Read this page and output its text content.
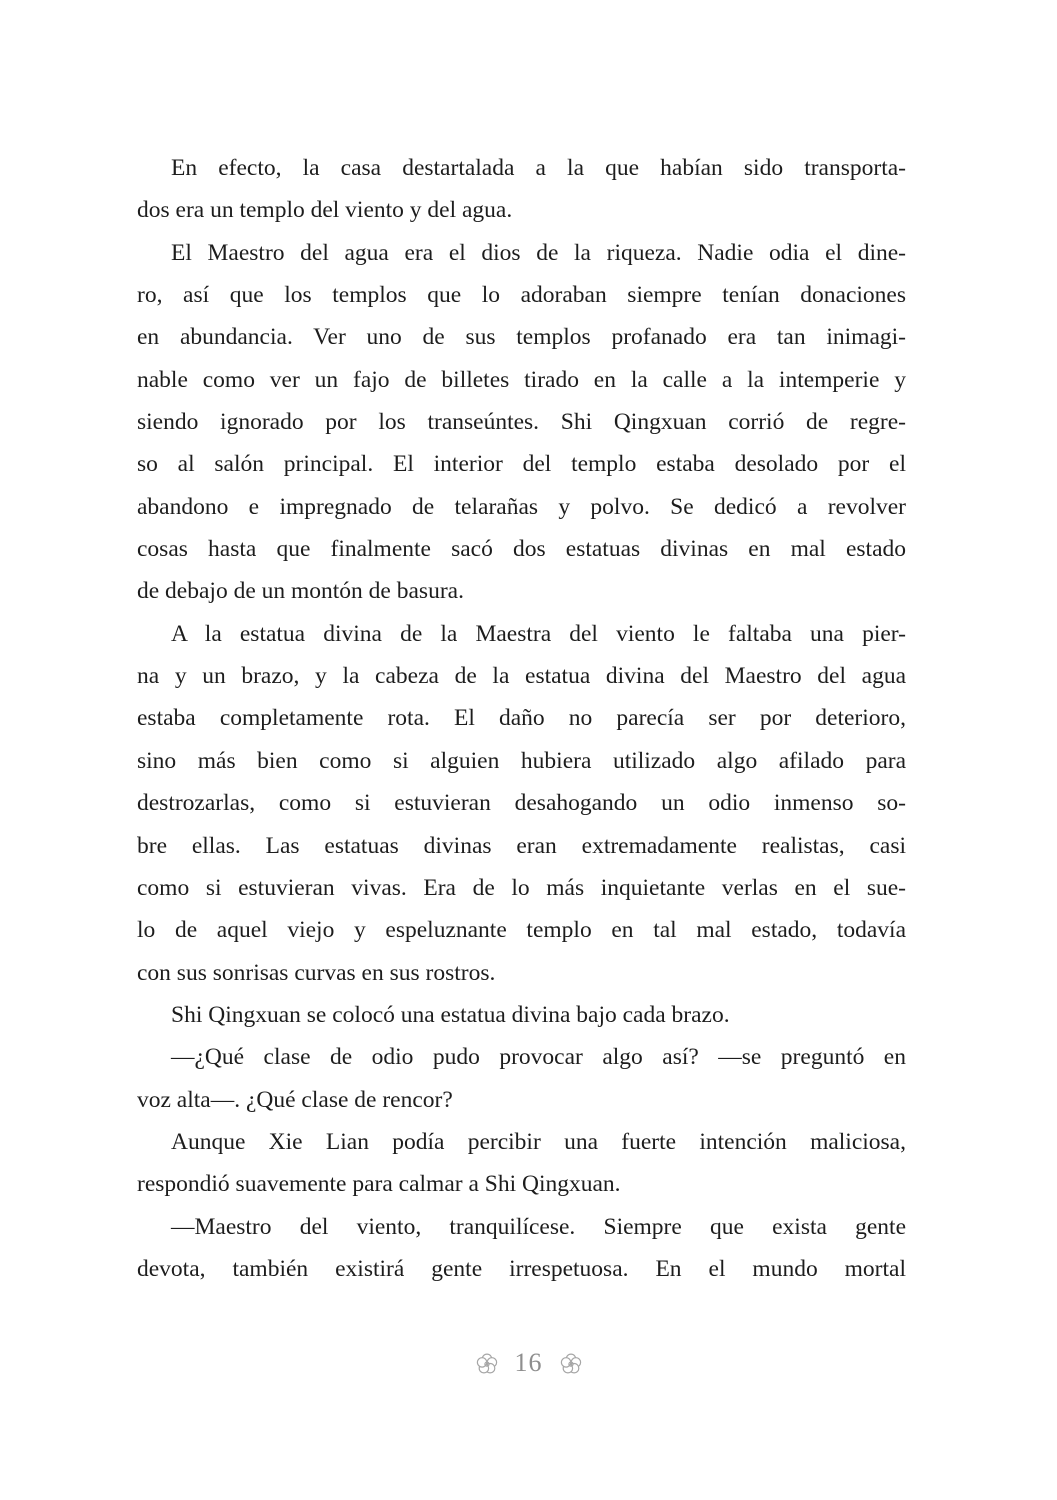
En efecto, la casa destartalada a la que habían sido transporta-
dos era un templo del viento y del agua.
El Maestro del agua era el dios de la riqueza. Nadie odia el dine-
ro, así que los templos que lo adoraban siempre tenían donaciones
en abundancia. Ver uno de sus templos profanado era tan inimagi-
nable como ver un fajo de billetes tirado en la calle a la intemperie y
siendo ignorado por los transeúntes. Shi Qingxuan corrió de regre-
so al salón principal. El interior del templo estaba desolado por el
abandono e impregnado de telarañas y polvo. Se dedicó a revolver
cosas hasta que finalmente sacó dos estatuas divinas en mal estado
de debajo de un montón de basura.
A la estatua divina de la Maestra del viento le faltaba una pier-
na y un brazo, y la cabeza de la estatua divina del Maestro del agua
estaba completamente rota. El daño no parecía ser por deterioro,
sino más bien como si alguien hubiera utilizado algo afilado para
destrozarlas, como si estuvieran desahogando un odio inmenso so-
bre ellas. Las estatuas divinas eran extremadamente realistas, casi
como si estuvieran vivas. Era de lo más inquietante verlas en el sue-
lo de aquel viejo y espeluznante templo en tal mal estado, todavía
con sus sonrisas curvas en sus rostros.
Shi Qingxuan se colocó una estatua divina bajo cada brazo.
—¿Qué clase de odio pudo provocar algo así? —se preguntó en
voz alta—. ¿Qué clase de rencor?
Aunque Xie Lian podía percibir una fuerte intención maliciosa,
respondió suavemente para calmar a Shi Qingxuan.
—Maestro del viento, tranquilícese. Siempre que exista gente
devota, también existirá gente irrespetuosa. En el mundo mortal
16
